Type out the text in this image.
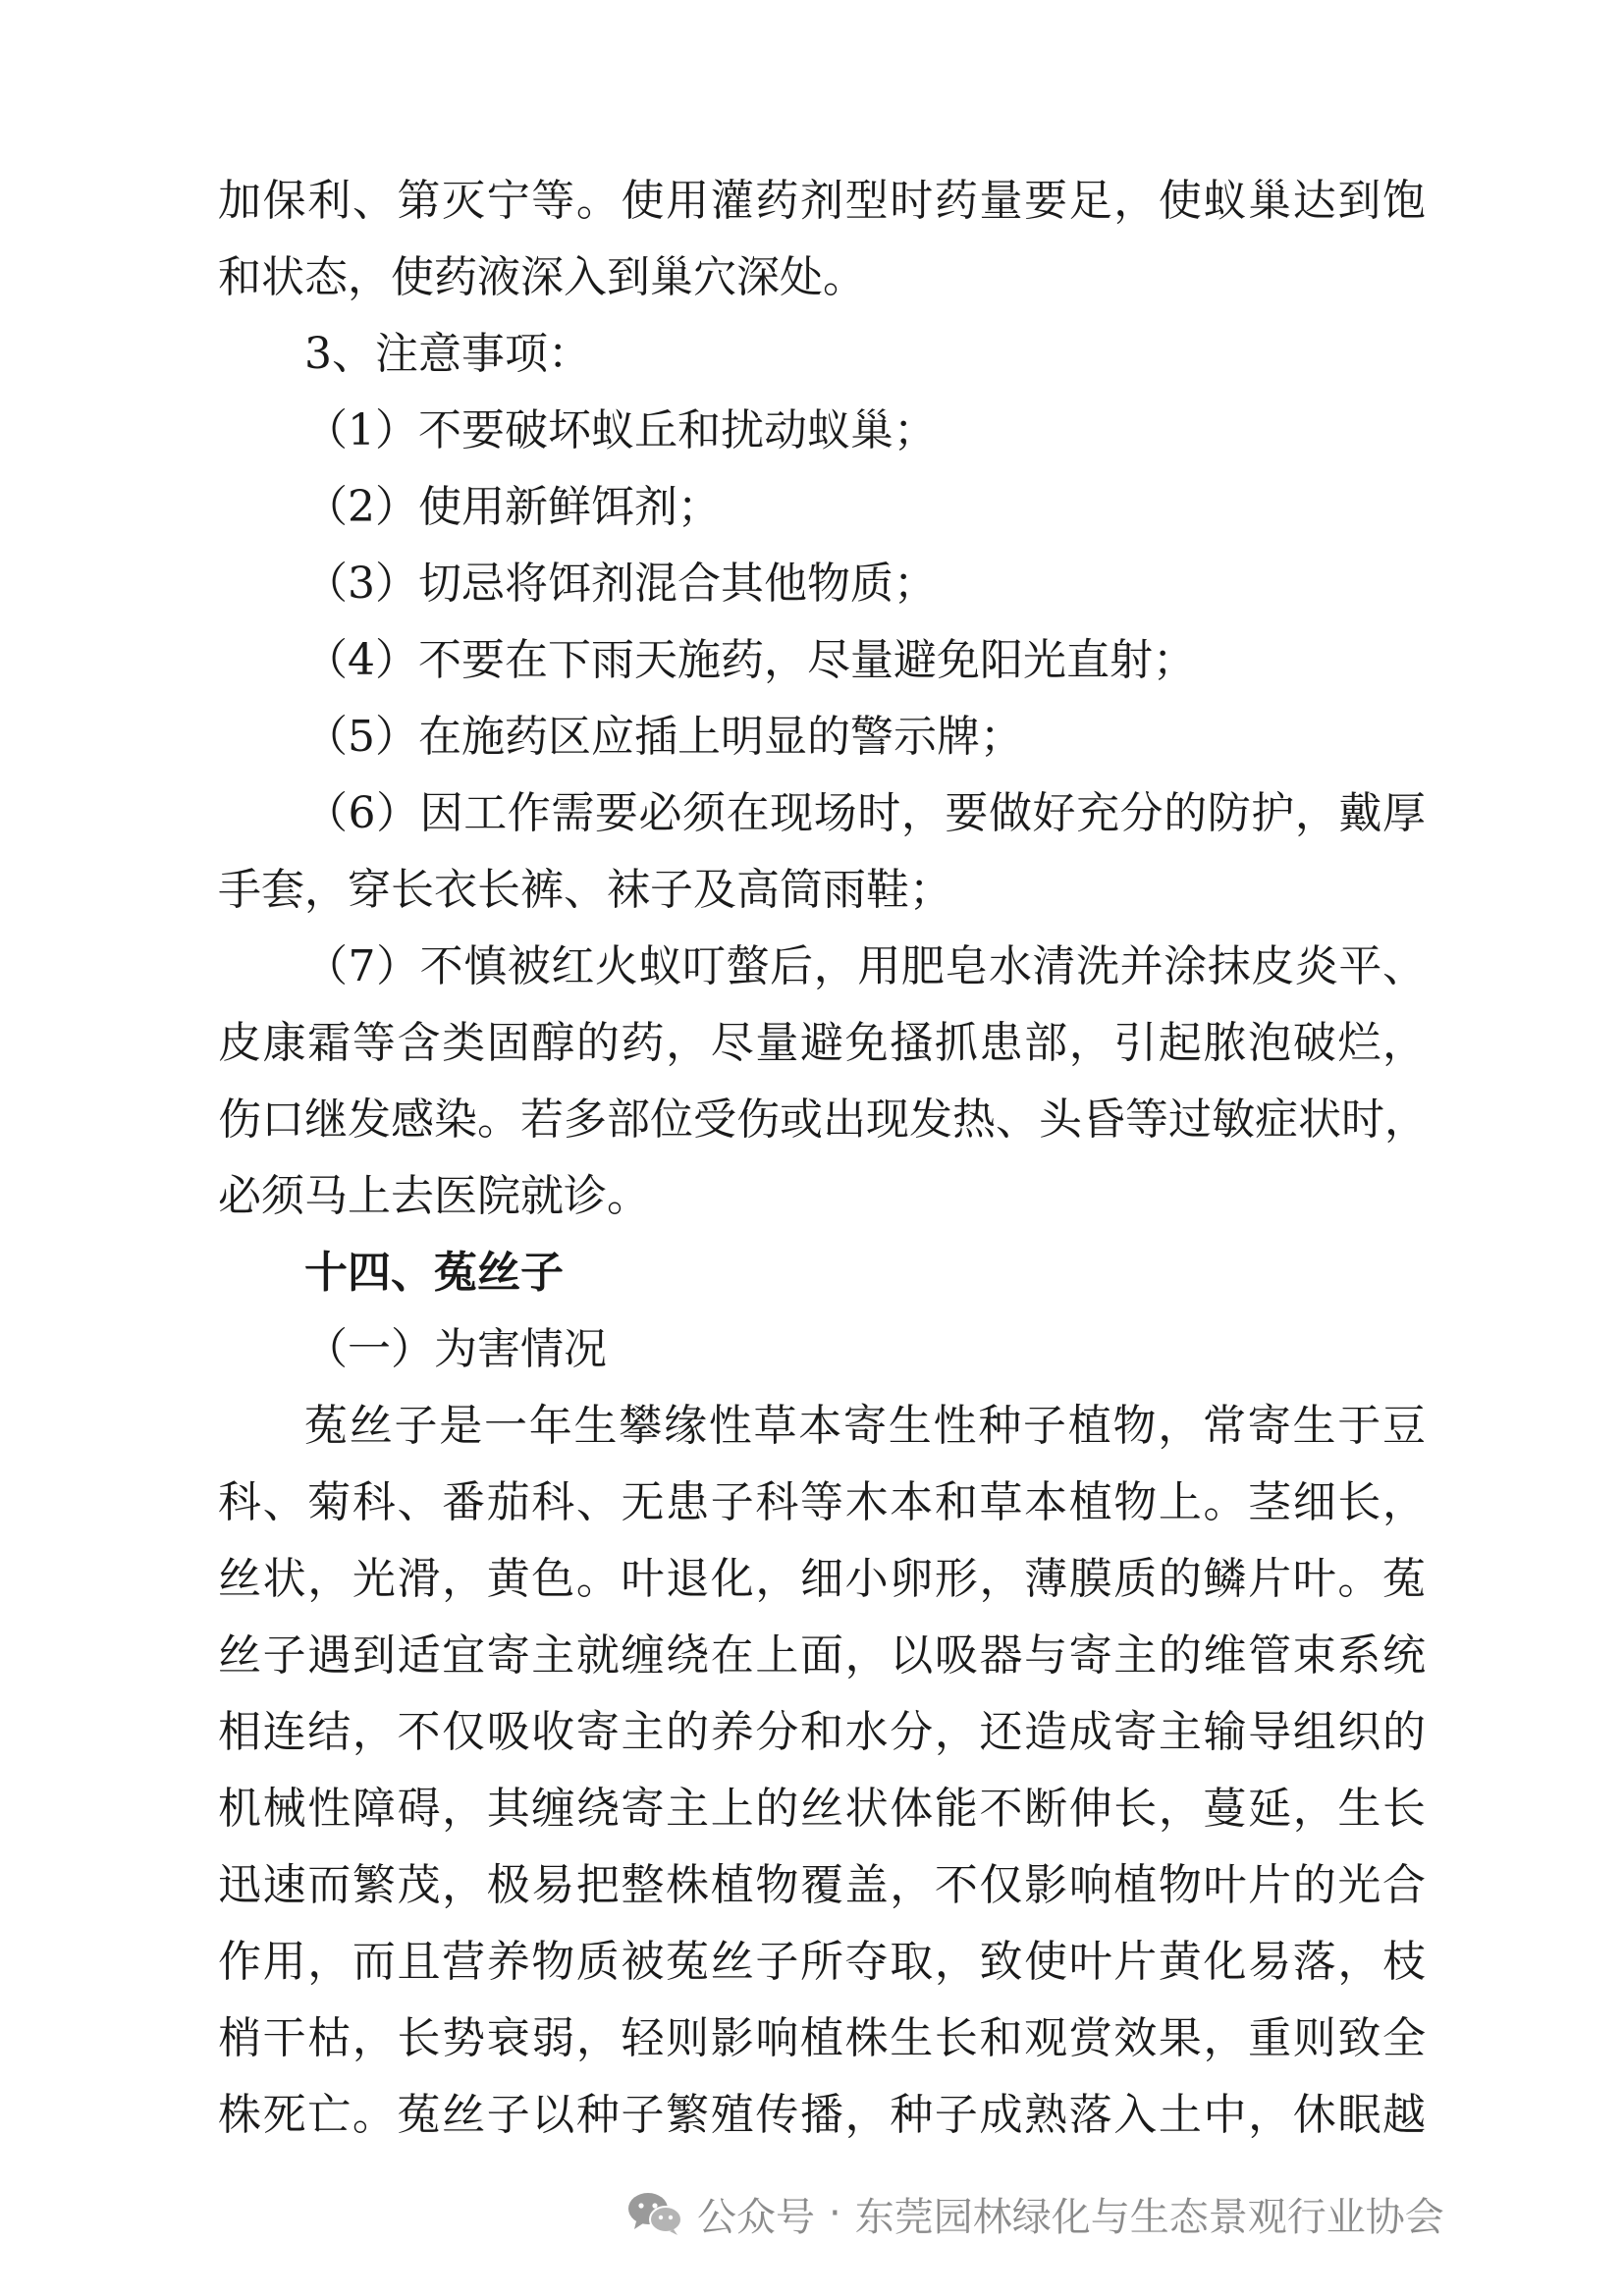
加保利、第灭宁等。使用灌药剂型时药量要足，使蚁巢达到饱
和状态，使药液深入到巢穴深处。
3、注意事项：
（1）不要破坏蚁丘和扰动蚁巢；
（2）使用新鲜饵剂；
（3）切忌将饵剂混合其他物质；
（4）不要在下雨天施药，尽量避免阳光直射；
（5）在施药区应插上明显的警示牌；
（6）因工作需要必须在现场时，要做好充分的防护，戴厚
手套，穿长衣长裤、袜子及高筒雨鞋；
（7）不慎被红火蚁叮螫后，用肥皂水清洗并涂抹皮炎平、
皮康霜等含类固醇的药，尽量避免搔抓患部，引起脓泡破烂，
伤口继发感染。若多部位受伤或出现发热、头昏等过敏症状时，
必须马上去医院就诊。
十四、菟丝子
（一）为害情况
菟丝子是一年生攀缘性草本寄生性种子植物，常寄生于豆
科、菊科、番茄科、无患子科等木本和草本植物上。茎细长，
丝状，光滑，黄色。叶退化，细小卵形，薄膜质的鳞片叶。菟
丝子遇到适宜寄主就缠绕在上面，以吸器与寄主的维管束系统
相连结，不仅吸收寄主的养分和水分，还造成寄主输导组织的
机械性障碍，其缠绕寄主上的丝状体能不断伸长，蔓延，生长
迅速而繁茂，极易把整株植物覆盖，不仅影响植物叶片的光合
作用，而且营养物质被菟丝子所夺取，致使叶片黄化易落，枝
梢干枯，长势衰弱，轻则影响植株生长和观赏效果，重则致全
株死亡。菟丝子以种子繁殖传播，种子成熟落入土中，休眠越
公众号 · 东莞园林绿化与生态景观行业协会
